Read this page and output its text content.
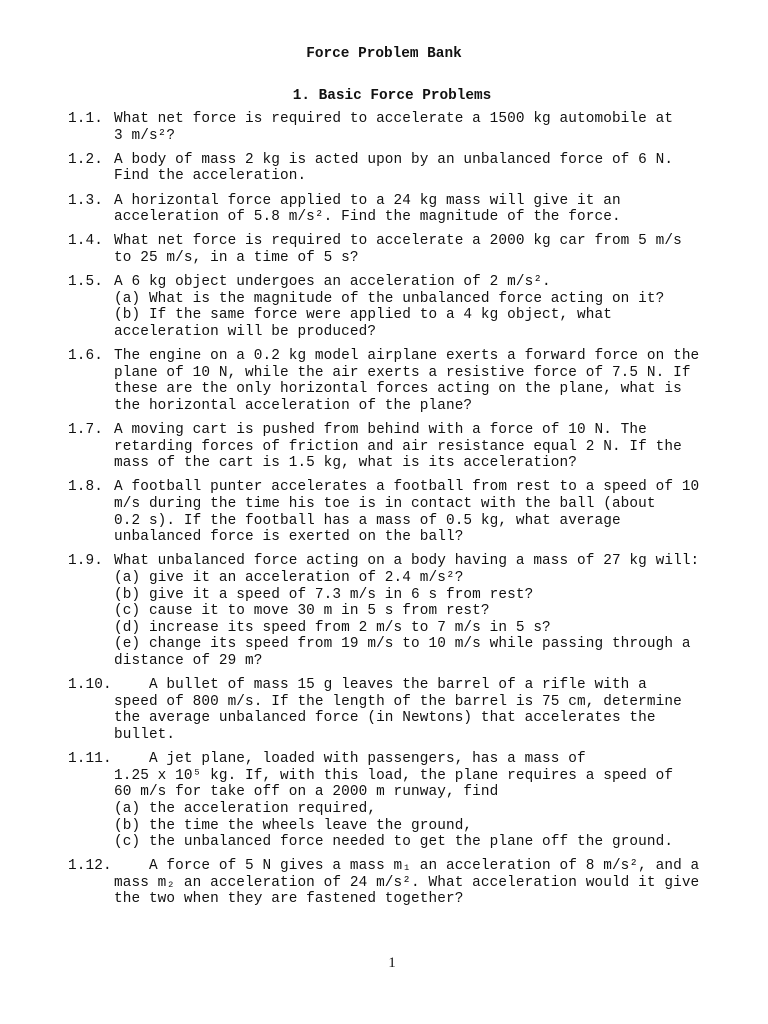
Force Problem Bank
1. Basic Force Problems
1.1. What net force is required to accelerate a 1500 kg automobile at
3 m/s²?
1.2. A body of mass 2 kg is acted upon by an unbalanced force of 6 N.
Find the acceleration.
1.3. A horizontal force applied to a 24 kg mass will give it an
acceleration of 5.8 m/s². Find the magnitude of the force.
1.4. What net force is required to accelerate a 2000 kg car from 5 m/s
to 25 m/s, in a time of 5 s?
1.5. A 6 kg object undergoes an acceleration of 2 m/s².
(a) What is the magnitude of the unbalanced force acting on it?
(b) If the same force were applied to a 4 kg object, what
acceleration will be produced?
1.6. The engine on a 0.2 kg model airplane exerts a forward force on the
plane of 10 N, while the air exerts a resistive force of 7.5 N. If
these are the only horizontal forces acting on the plane, what is
the horizontal acceleration of the plane?
1.7. A moving cart is pushed from behind with a force of 10 N. The
retarding forces of friction and air resistance equal 2 N. If the
mass of the cart is 1.5 kg, what is its acceleration?
1.8. A football punter accelerates a football from rest to a speed of 10
m/s during the time his toe is in contact with the ball (about
0.2 s). If the football has a mass of 0.5 kg, what average
unbalanced force is exerted on the ball?
1.9. What unbalanced force acting on a body having a mass of 27 kg will:
(a) give it an acceleration of 2.4 m/s²?
(b) give it a speed of 7.3 m/s in 6 s from rest?
(c) cause it to move 30 m in 5 s from rest?
(d) increase its speed from 2 m/s to 7 m/s in 5 s?
(e) change its speed from 19 m/s to 10 m/s while passing through a
distance of 29 m?
1.10. A bullet of mass 15 g leaves the barrel of a rifle with a
speed of 800 m/s. If the length of the barrel is 75 cm, determine
the average unbalanced force (in Newtons) that accelerates the
bullet.
1.11. A jet plane, loaded with passengers, has a mass of
1.25 x 10⁵ kg. If, with this load, the plane requires a speed of
60 m/s for take off on a 2000 m runway, find
(a) the acceleration required,
(b) the time the wheels leave the ground,
(c) the unbalanced force needed to get the plane off the ground.
1.12. A force of 5 N gives a mass m₁ an acceleration of 8 m/s², and a
mass m₂ an acceleration of 24 m/s². What acceleration would it give
the two when they are fastened together?
1
